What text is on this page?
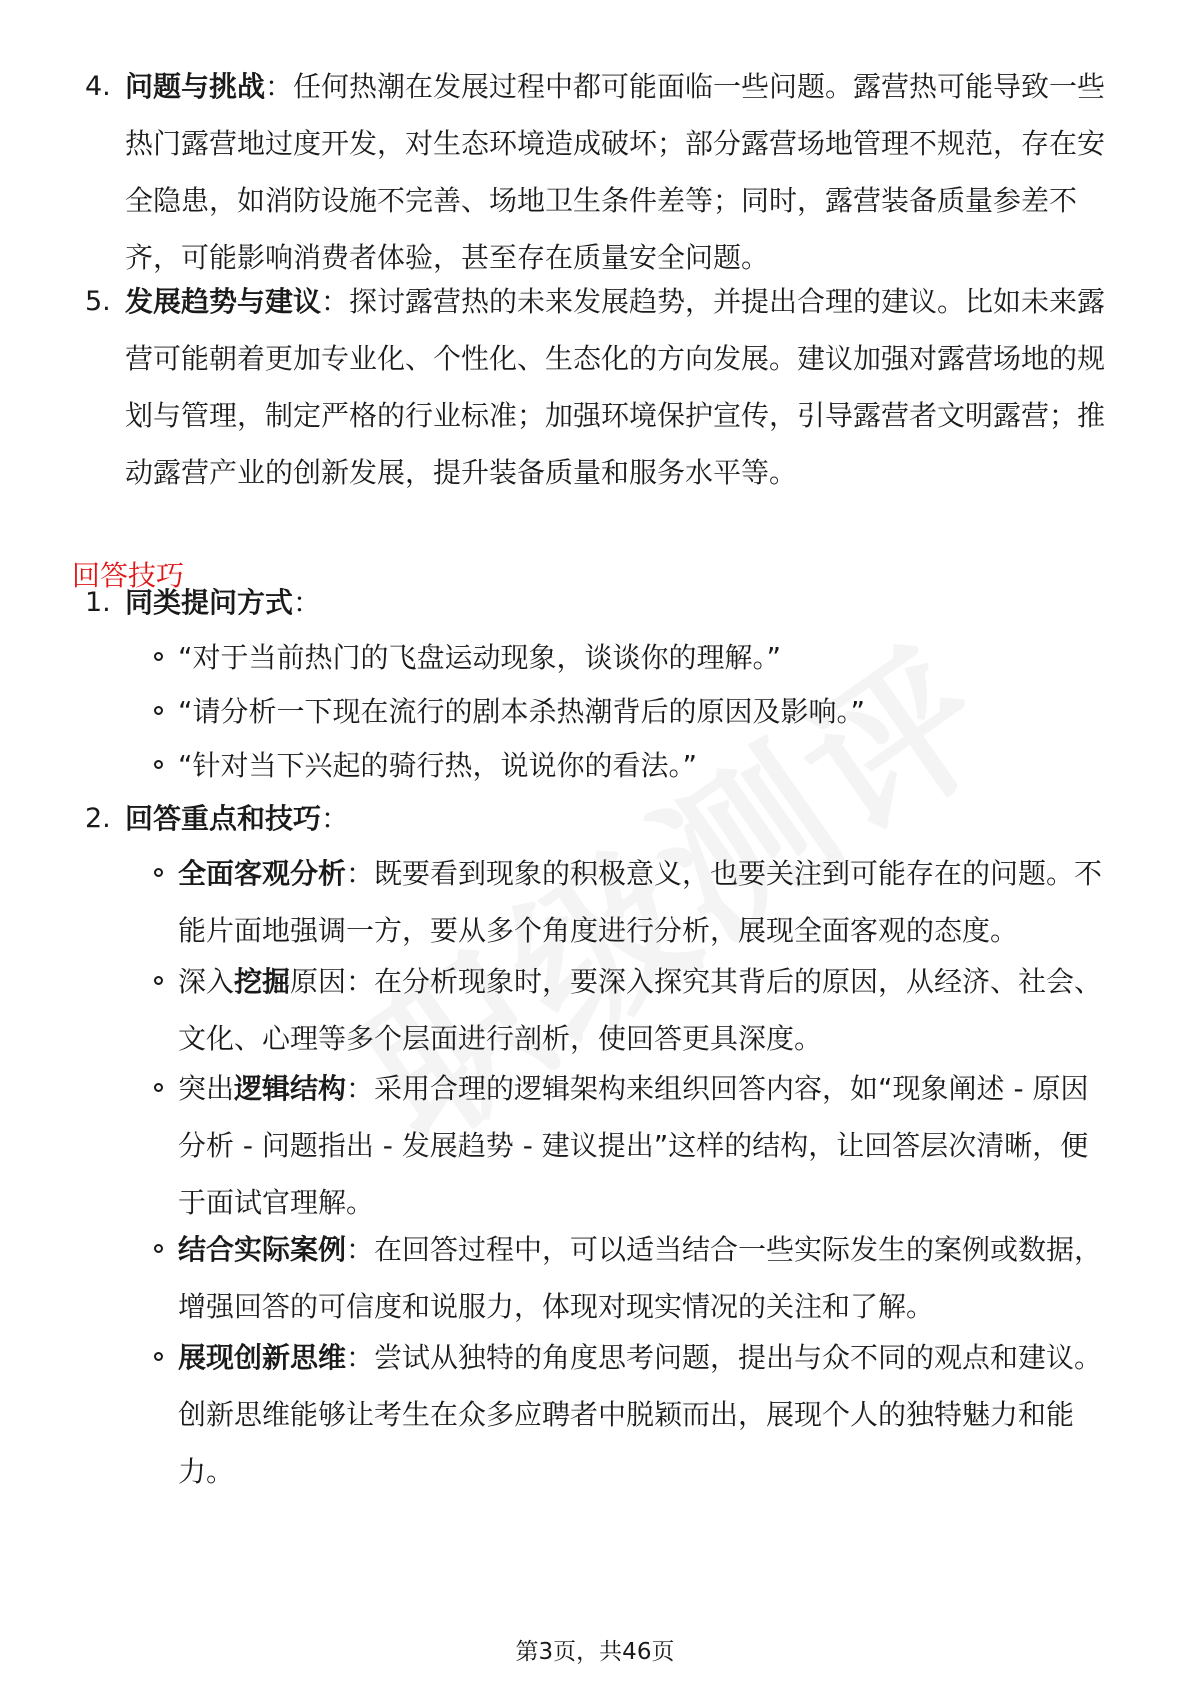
4. 问题与挑战：任何热潮在发展过程中都可能面临一些问题。露营热可能导致一些热门露营地过度开发，对生态环境造成破坏；部分露营场地管理不规范，存在安全隐患，如消防设施不完善、场地卫生条件差等；同时，露营装备质量参差不齐，可能影响消费者体验，甚至存在质量安全问题。

5. 发展趋势与建议：探讨露营热的未来发展趋势，并提出合理的建议。比如未来露营可能朝着更加专业化、个性化、生态化的方向发展。建议加强对露营场地的规划与管理，制定严格的行业标准；加强环境保护宣传，引导露营者文明露营；推动露营产业的创新发展，提升装备质量和服务水平等。

回答技巧

1. 同类提问方式：

“对于当前热门的飞盘运动现象，谈谈你的理解。”

“请分析一下现在流行的剧本杀热潮背后的原因及影响。”

“针对当下兴起的骑行热，说说你的看法。”

2. 回答重点和技巧：

全面客观分析：既要看到现象的积极意义，也要关注到可能存在的问题。不能片面地强调一方，要从多个角度进行分析，展现全面客观的态度。

深入挖掘原因：在分析现象时，要深入探究其背后的原因，从经济、社会、文化、心理等多个层面进行剖析，使回答更具深度。

突出逻辑结构：采用合理的逻辑架构来组织回答内容，如“现象阐述 - 原因分析 - 问题指出 - 发展趋势 - 建议提出”这样的结构，让回答层次清晰，便于面试官理解。

结合实际案例：在回答过程中，可以适当结合一些实际发生的案例或数据，增强回答的可信度和说服力，体现对现实情况的关注和了解。

展现创新思维：尝试从独特的角度思考问题，提出与众不同的观点和建议。创新思维能够让考生在众多应聘者中脱颖而出，展现个人的独特魅力和能力。

第3页，共46页
